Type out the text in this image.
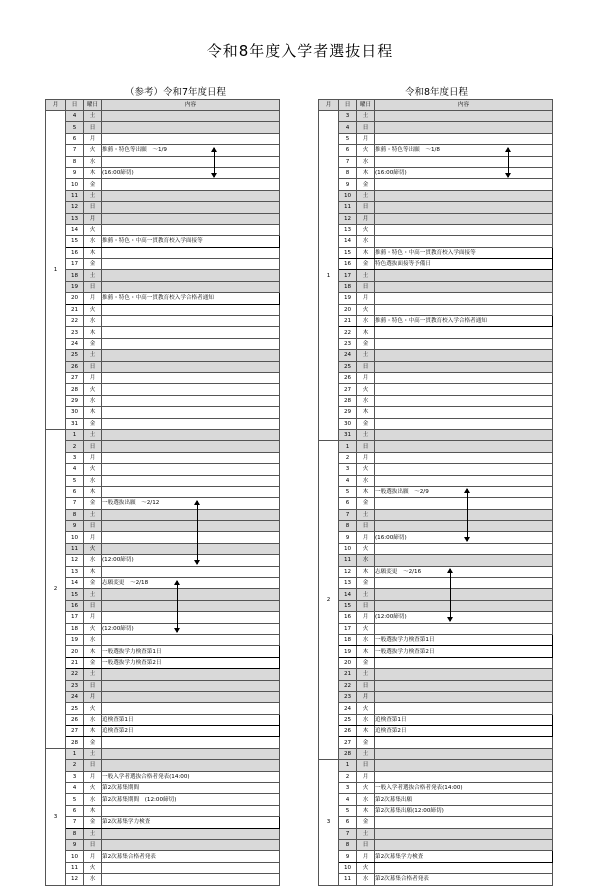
令和8年度入学者選抜日程
（参考）令和7年度日程	令和8年度日程
月	日	曜日	内容
1	4	土	
	5	日	
	6	月	
	7	火	推薦・特色等出願　～1/9
	8	水	
	9	木	(16:00締切)
	10	金	
	11	土	
	12	日	
	13	月	
	14	火	
	15	水	推薦・特色・中高一貫教育校入学面接等
	16	木	
	17	金	
	18	土	
	19	日	
	20	月	推薦・特色・中高一貫教育校入学合格者通知
	21	火	
	22	水	
	23	木	
	24	金	
	25	土	
	26	日	
	27	月	
	28	火	
	29	水	
	30	木	
	31	金	
2	1	土	
	2	日	
	3	月	
	4	火	
	5	水	
	6	木	
	7	金	一般選抜出願　～2/12
	8	土	
	9	日	
	10	月	
	11	火	
	12	水	(12:00締切)
	13	木	
	14	金	志願変更　～2/18
	15	土	
	16	日	
	17	月	
	18	火	(12:00締切)
	19	水	
	20	木	一般選抜学力検査第1日
	21	金	一般選抜学力検査第2日
	22	土	
	23	日	
	24	月	
	25	火	
	26	水	追検査第1日
	27	木	追検査第2日
	28	金	
3	1	土	
	2	日	
	3	月	一般入学者選抜合格者発表(14:00)
	4	火	第2次募集期間
	5	水	第2次募集期間　(12:00締切)
	6	木	
	7	金	第2次募集学力検査
	8	土	
	9	日	
	10	月	第2次募集合格者発表
	11	火	
	12	水	
月	日	曜日	内容
1	3	土	
	4	日	
	5	月	
	6	火	推薦・特色等出願　～1/8
	7	水	
	8	木	(16:00締切)
	9	金	
	10	土	
	11	日	
	12	月	
	13	火	
	14	水	
	15	木	推薦・特色・中高一貫教育校入学面接等
	16	金	特色選抜面接等予備日
	17	土	
	18	日	
	19	月	
	20	火	
	21	水	推薦・特色・中高一貫教育校入学合格者通知
	22	木	
	23	金	
	24	土	
	25	日	
	26	月	
	27	火	
	28	水	
	29	木	
	30	金	
	31	土	
2	1	日	
	2	月	
	3	火	
	4	水	
	5	木	一般選抜出願　～2/9
	6	金	
	7	土	
	8	日	
	9	月	(16:00締切)
	10	火	
	11	水	
	12	木	志願変更　～2/16
	13	金	
	14	土	
	15	日	
	16	月	(12:00締切)
	17	火	
	18	水	一般選抜学力検査第1日
	19	木	一般選抜学力検査第2日
	20	金	
	21	土	
	22	日	
	23	月	
	24	火	
	25	水	追検査第1日
	26	木	追検査第2日
	27	金	
	28	土	
3	1	日	
	2	月	
	3	火	一般入学者選抜合格者発表(14:00)
	4	水	第2次募集出願
	5	木	第2次募集出願(12:00締切)
	6	金	
	7	土	
	8	日	
	9	月	第2次募集学力検査
	10	火	
	11	水	第2次募集合格者発表
